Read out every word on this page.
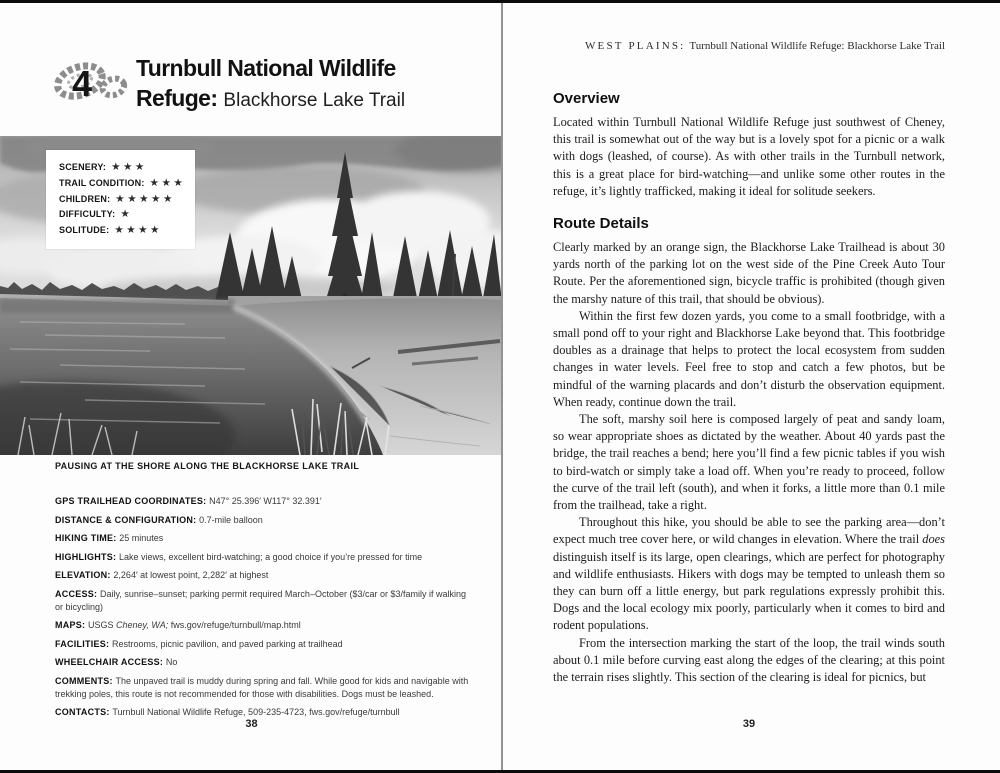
4 Turnbull National Wildlife
Refuge: Blackhorse Lake Trail
SCENERY: ★★★
TRAIL CONDITION: ★★★
CHILDREN: ★★★★★
DIFFICULTY: ★
SOLITUDE: ★★★★
PAUSING AT THE SHORE ALONG THE BLACKHORSE LAKE TRAIL
GPS TRAILHEAD COORDINATES: N47° 25.396′ W117° 32.391′
DISTANCE & CONFIGURATION: 0.7-mile balloon
HIKING TIME: 25 minutes
HIGHLIGHTS: Lake views, excellent bird-watching; a good choice if you’re pressed for time
ELEVATION: 2,264′ at lowest point, 2,282′ at highest
ACCESS: Daily, sunrise–sunset; parking permit required March–October ($3/car or $3/family if walking or bicycling)
MAPS: USGS Cheney, WA; fws.gov/refuge/turnbull/map.html
FACILITIES: Restrooms, picnic pavilion, and paved parking at trailhead
WHEELCHAIR ACCESS: No
COMMENTS: The unpaved trail is muddy during spring and fall. While good for kids and navigable with trekking poles, this route is not recommended for those with disabilities. Dogs must be leashed.
CONTACTS: Turnbull National Wildlife Refuge, 509-235-4723, fws.gov/refuge/turnbull
38
WEST PLAINS: Turnbull National Wildlife Refuge: Blackhorse Lake Trail
Overview

Located within Turnbull National Wildlife Refuge just southwest of Cheney, this trail is somewhat out of the way but is a lovely spot for a picnic or a walk with dogs (leashed, of course). As with other trails in the Turnbull network, this is a great place for bird-watching—and unlike some other routes in the refuge, it’s lightly trafficked, making it ideal for solitude seekers.

Route Details

Clearly marked by an orange sign, the Blackhorse Lake Trailhead is about 30 yards north of the parking lot on the west side of the Pine Creek Auto Tour Route. Per the aforementioned sign, bicycle traffic is prohibited (though given the marshy nature of this trail, that should be obvious).

Within the first few dozen yards, you come to a small footbridge, with a small pond off to your right and Blackhorse Lake beyond that. This footbridge doubles as a drainage that helps to protect the local ecosystem from sudden changes in water levels. Feel free to stop and catch a few photos, but be mindful of the warning placards and don’t disturb the observation equipment. When ready, continue down the trail.

The soft, marshy soil here is composed largely of peat and sandy loam, so wear appropriate shoes as dictated by the weather. About 40 yards past the bridge, the trail reaches a bend; here you’ll find a few picnic tables if you wish to bird-watch or simply take a load off. When you’re ready to proceed, follow the curve of the trail left (south), and when it forks, a little more than 0.1 mile from the trailhead, take a right.

Throughout this hike, you should be able to see the parking area—don’t expect much tree cover here, or wild changes in elevation. Where the trail does distinguish itself is its large, open clearings, which are perfect for photography and wildlife enthusiasts. Hikers with dogs may be tempted to unleash them so they can burn off a little energy, but park regulations expressly prohibit this. Dogs and the local ecology mix poorly, particularly when it comes to bird and rodent populations.

From the intersection marking the start of the loop, the trail winds south about 0.1 mile before curving east along the edges of the clearing; at this point the terrain rises slightly. This section of the clearing is ideal for picnics, but

39
